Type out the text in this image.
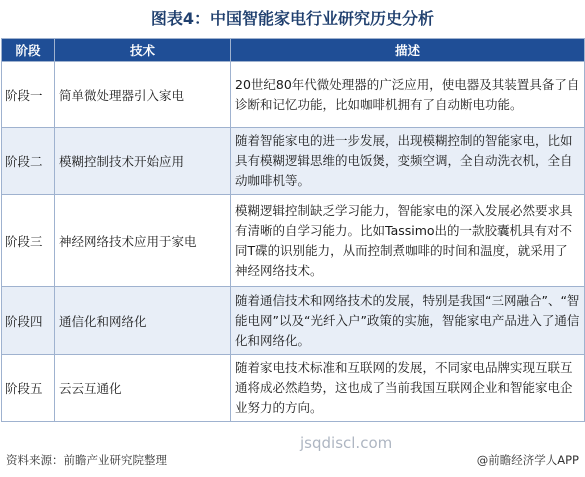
图表4：中国智能家电行业研究历史分析
阶段	技术	描述
阶段一	简单微处理器引入家电	20世纪80年代微处理器的广泛应用，使电器及其装置具备了自诊断和记忆功能，比如咖啡机拥有了自动断电功能。
阶段二	模糊控制技术开始应用	随着智能家电的进一步发展，出现模糊控制的智能家电，比如具有模糊逻辑思维的电饭煲，变频空调，全自动洗衣机，全自动咖啡机等。
阶段三	神经网络技术应用于家电	模糊逻辑控制缺乏学习能力，智能家电的深入发展必然要求具有清晰的自学习能力。比如Tassimo出的一款胶囊机具有对不同T碟的识别能力，从而控制煮咖啡的时间和温度，就采用了神经网络技术。
阶段四	通信化和网络化	随着通信技术和网络技术的发展，特别是我国“三网融合”、“智能电网”以及“光纤入户”政策的实施，智能家电产品进入了通信化和网络化。
阶段五	云云互通化	随着家电技术标准和互联网的发展，不同家电品牌实现互联互通将成必然趋势，这也成了当前我国互联网企业和智能家电企业努力的方向。
jsqdiscl.com
资料来源：前瞻产业研究院整理	@前瞻经济学人APP
